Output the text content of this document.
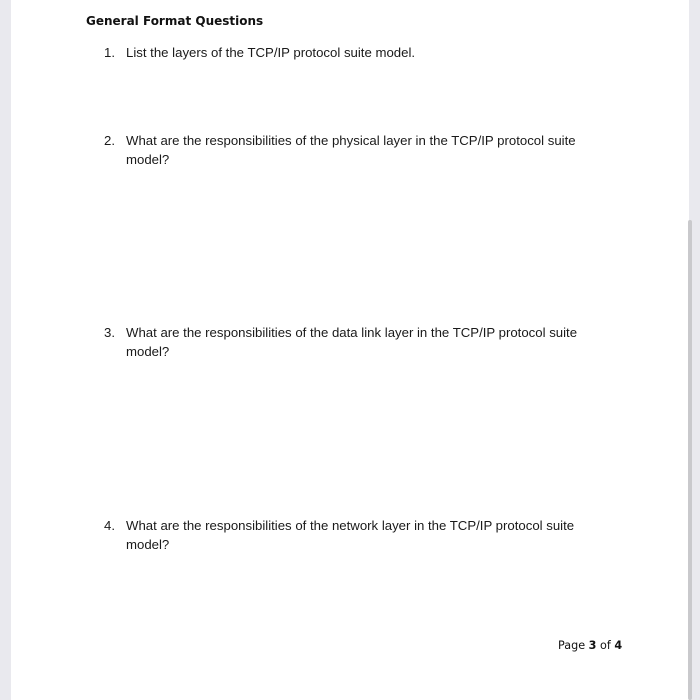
General Format Questions
1. List the layers of the TCP/IP protocol suite model.
2. What are the responsibilities of the physical layer in the TCP/IP protocol suite model?
3. What are the responsibilities of the data link layer in the TCP/IP protocol suite model?
4. What are the responsibilities of the network layer in the TCP/IP protocol suite model?
Page 3 of 4
